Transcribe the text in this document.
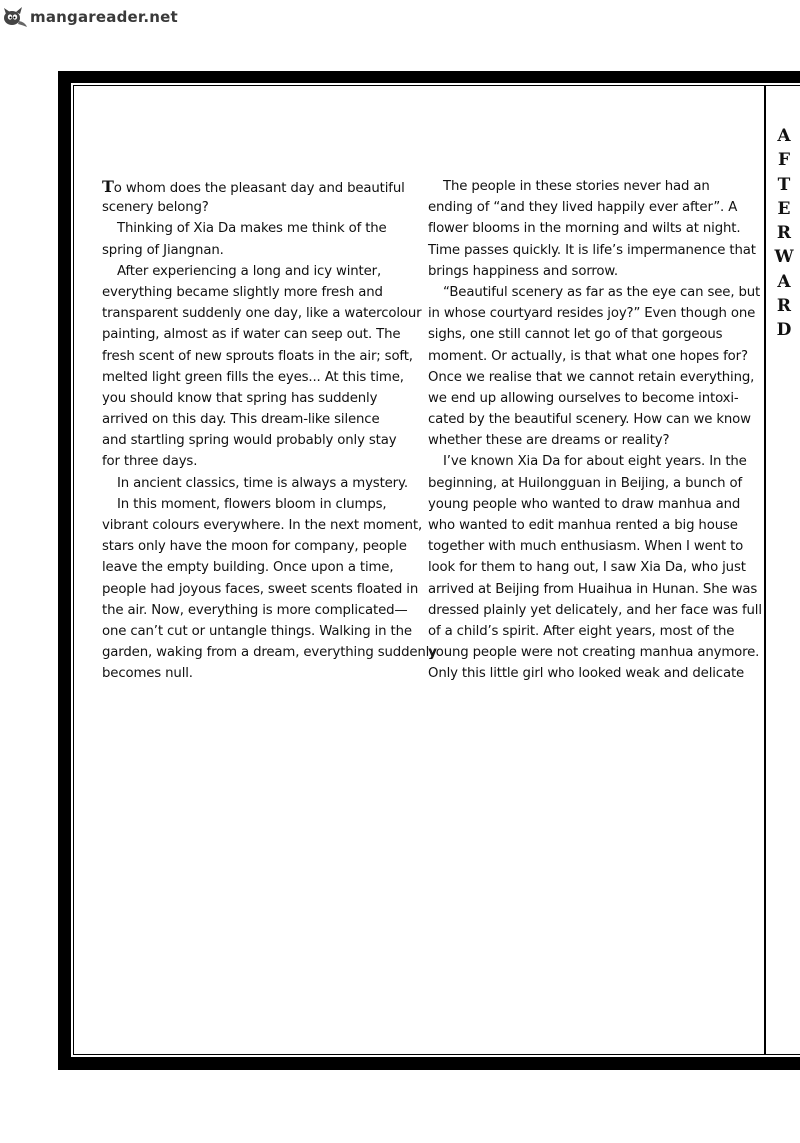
mangareader.net
A
F
T
E
R
W
A
R
D
To whom does the pleasant day and beautiful
scenery belong?
Thinking of Xia Da makes me think of the
spring of Jiangnan.
After experiencing a long and icy winter,
everything became slightly more fresh and
transparent suddenly one day, like a watercolour
painting, almost as if water can seep out. The
fresh scent of new sprouts floats in the air; soft,
melted light green fills the eyes... At this time,
you should know that spring has suddenly
arrived on this day. This dream-like silence
and startling spring would probably only stay
for three days.
In ancient classics, time is always a mystery.
In this moment, flowers bloom in clumps,
vibrant colours everywhere. In the next moment,
stars only have the moon for company, people
leave the empty building. Once upon a time,
people had joyous faces, sweet scents floated in
the air. Now, everything is more complicated—
one can’t cut or untangle things. Walking in the
garden, waking from a dream, everything suddenly
becomes null.
The people in these stories never had an
ending of “and they lived happily ever after”. A
flower blooms in the morning and wilts at night.
Time passes quickly. It is life’s impermanence that
brings happiness and sorrow.
“Beautiful scenery as far as the eye can see, but
in whose courtyard resides joy?” Even though one
sighs, one still cannot let go of that gorgeous
moment. Or actually, is that what one hopes for?
Once we realise that we cannot retain everything,
we end up allowing ourselves to become intoxi-
cated by the beautiful scenery. How can we know
whether these are dreams or reality?
I’ve known Xia Da for about eight years. In the
beginning, at Huilongguan in Beijing, a bunch of
young people who wanted to draw manhua and
who wanted to edit manhua rented a big house
together with much enthusiasm. When I went to
look for them to hang out, I saw Xia Da, who just
arrived at Beijing from Huaihua in Hunan. She was
dressed plainly yet delicately, and her face was full
of a child’s spirit. After eight years, most of the
young people were not creating manhua anymore.
Only this little girl who looked weak and delicate
